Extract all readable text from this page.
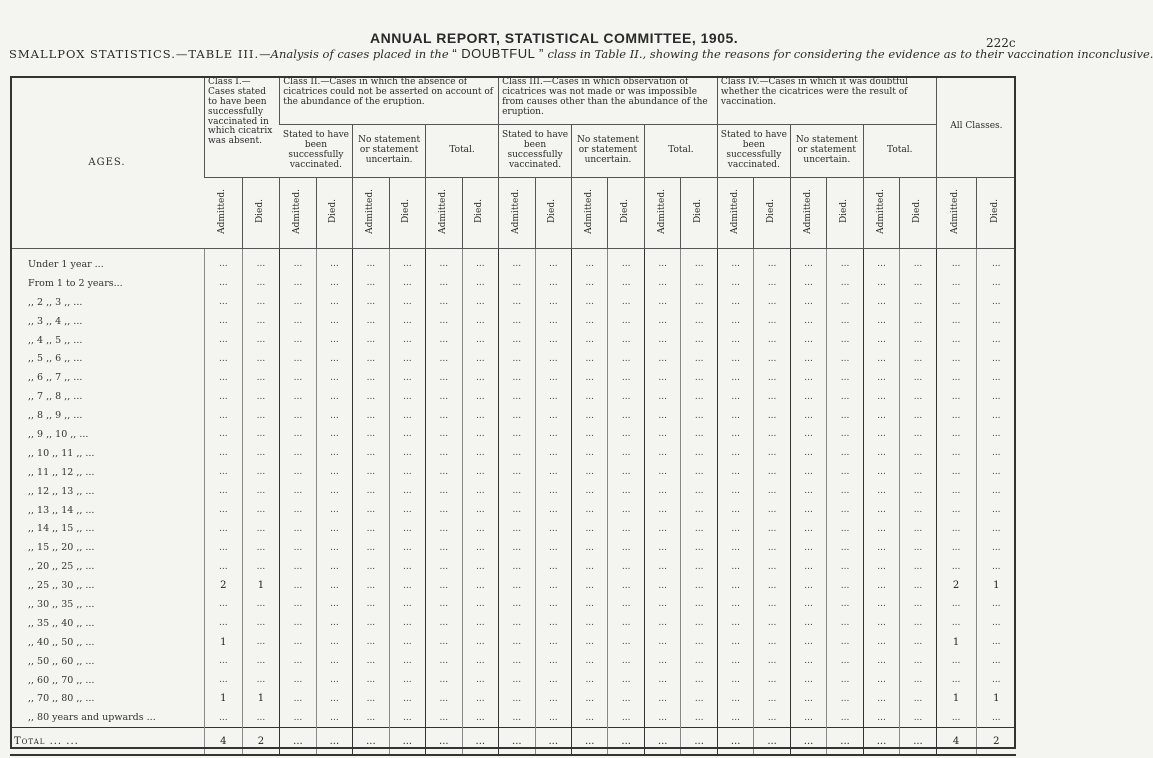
ANNUAL REPORT, STATISTICAL COMMITTEE, 1905.	222c
SMALLPOX STATISTICS.—TABLE III.—Analysis of cases placed in the “ DOUBTFUL ” class in Table II., showing the reasons for considering the evidence as to their vaccination inconclusive.
AGES.	Class I.—Cases stated to have been successfully vaccinated in which cicatrix was absent.		Class II.—Cases in which the absence of cicatrices could not be asserted on account of the abundance of the eruption.						Class III.—Cases in which observation of cicatrices was not made or was impossible from causes other than the abundance of the eruption.						Class IV.—Cases in which it was doubtful whether the cicatrices were the result of vaccination.						All Classes.	
			Stated to have been successfully vaccinated.		No statement or statement uncertain.		Total.		Stated to have been successfully vaccinated.		No statement or statement uncertain.		Total.		Stated to have been successfully vaccinated.		No statement or statement uncertain.		Total.			
	Admitted.	Died.	Admitted.	Died.	Admitted.	Died.	Admitted.	Died.	Admitted.	Died.	Admitted.	Died.	Admitted.	Died.	Admitted.	Died.	Admitted.	Died.	Admitted.	Died.	Admitted.	Died.
Under 1 year ...	...	...	...	...	...	...	...	...	...	...	...	...	...	...	...	...	...	...	...	...	...	...
From 1 to 2 years...	...	...	...	...	...	...	...	...	...	...	...	...	...	...	...	...	...	...	...	...	...	...
,, 2 ,, 3 ,, ...	...	...	...	...	...	...	...	...	...	...	...	...	...	...	...	...	...	...	...	...	...	...
,, 3 ,, 4 ,, ...	...	...	...	...	...	...	...	...	...	...	...	...	...	...	...	...	...	...	...	...	...	...
,, 4 ,, 5 ,, ...	...	...	...	...	...	...	...	...	...	...	...	...	...	...	...	...	...	...	...	...	...	...
,, 5 ,, 6 ,, ...	...	...	...	...	...	...	...	...	...	...	...	...	...	...	...	...	...	...	...	...	...	...
,, 6 ,, 7 ,, ...	...	...	...	...	...	...	...	...	...	...	...	...	...	...	...	...	...	...	...	...	...	...
,, 7 ,, 8 ,, ...	...	...	...	...	...	...	...	...	...	...	...	...	...	...	...	...	...	...	...	...	...	...
,, 8 ,, 9 ,, ...	...	...	...	...	...	...	...	...	...	...	...	...	...	...	...	...	...	...	...	...	...	...
,, 9 ,, 10 ,, ...	...	...	...	...	...	...	...	...	...	...	...	...	...	...	...	...	...	...	...	...	...	...
,, 10 ,, 11 ,, ...	...	...	...	...	...	...	...	...	...	...	...	...	...	...	...	...	...	...	...	...	...	...
,, 11 ,, 12 ,, ...	...	...	...	...	...	...	...	...	...	...	...	...	...	...	...	...	...	...	...	...	...	...
,, 12 ,, 13 ,, ...	...	...	...	...	...	...	...	...	...	...	...	...	...	...	...	...	...	...	...	...	...	...
,, 13 ,, 14 ,, ...	...	...	...	...	...	...	...	...	...	...	...	...	...	...	...	...	...	...	...	...	...	...
,, 14 ,, 15 ,, ...	...	...	...	...	...	...	...	...	...	...	...	...	...	...	...	...	...	...	...	...	...	...
,, 15 ,, 20 ,, ...	...	...	...	...	...	...	...	...	...	...	...	...	...	...	...	...	...	...	...	...	...	...
,, 20 ,, 25 ,, ...	...	...	...	...	...	...	...	...	...	...	...	...	...	...	...	...	...	...	...	...	...	...
,, 25 ,, 30 ,, ...	2	1	...	...	...	...	...	...	...	...	...	...	...	...	...	...	...	...	...	...	2	1
,, 30 ,, 35 ,, ...	...	...	...	...	...	...	...	...	...	...	...	...	...	...	...	...	...	...	...	...	...	...
,, 35 ,, 40 ,, ...	...	...	...	...	...	...	...	...	...	...	...	...	...	...	...	...	...	...	...	...	...	...
,, 40 ,, 50 ,, ...	1	...	...	...	...	...	...	...	...	...	...	...	...	...	...	...	...	...	...	...	1	...
,, 50 ,, 60 ,, ...	...	...	...	...	...	...	...	...	...	...	...	...	...	...	...	...	...	...	...	...	...	...
,, 60 ,, 70 ,, ...	...	...	...	...	...	...	...	...	...	...	...	...	...	...	...	...	...	...	...	...	...	...
,, 70 ,, 80 ,, ...	1	1	...	...	...	...	...	...	...	...	...	...	...	...	...	...	...	...	...	...	1	1
,, 80 years and upwards ...	...	...	...	...	...	...	...	...	...	...	...	...	...	...	...	...	...	...	...	...	...	...
Total ... ...	4	2	...	...	...	...	...	...	...	...	...	...	...	...	...	...	...	...	...	...	4	2
